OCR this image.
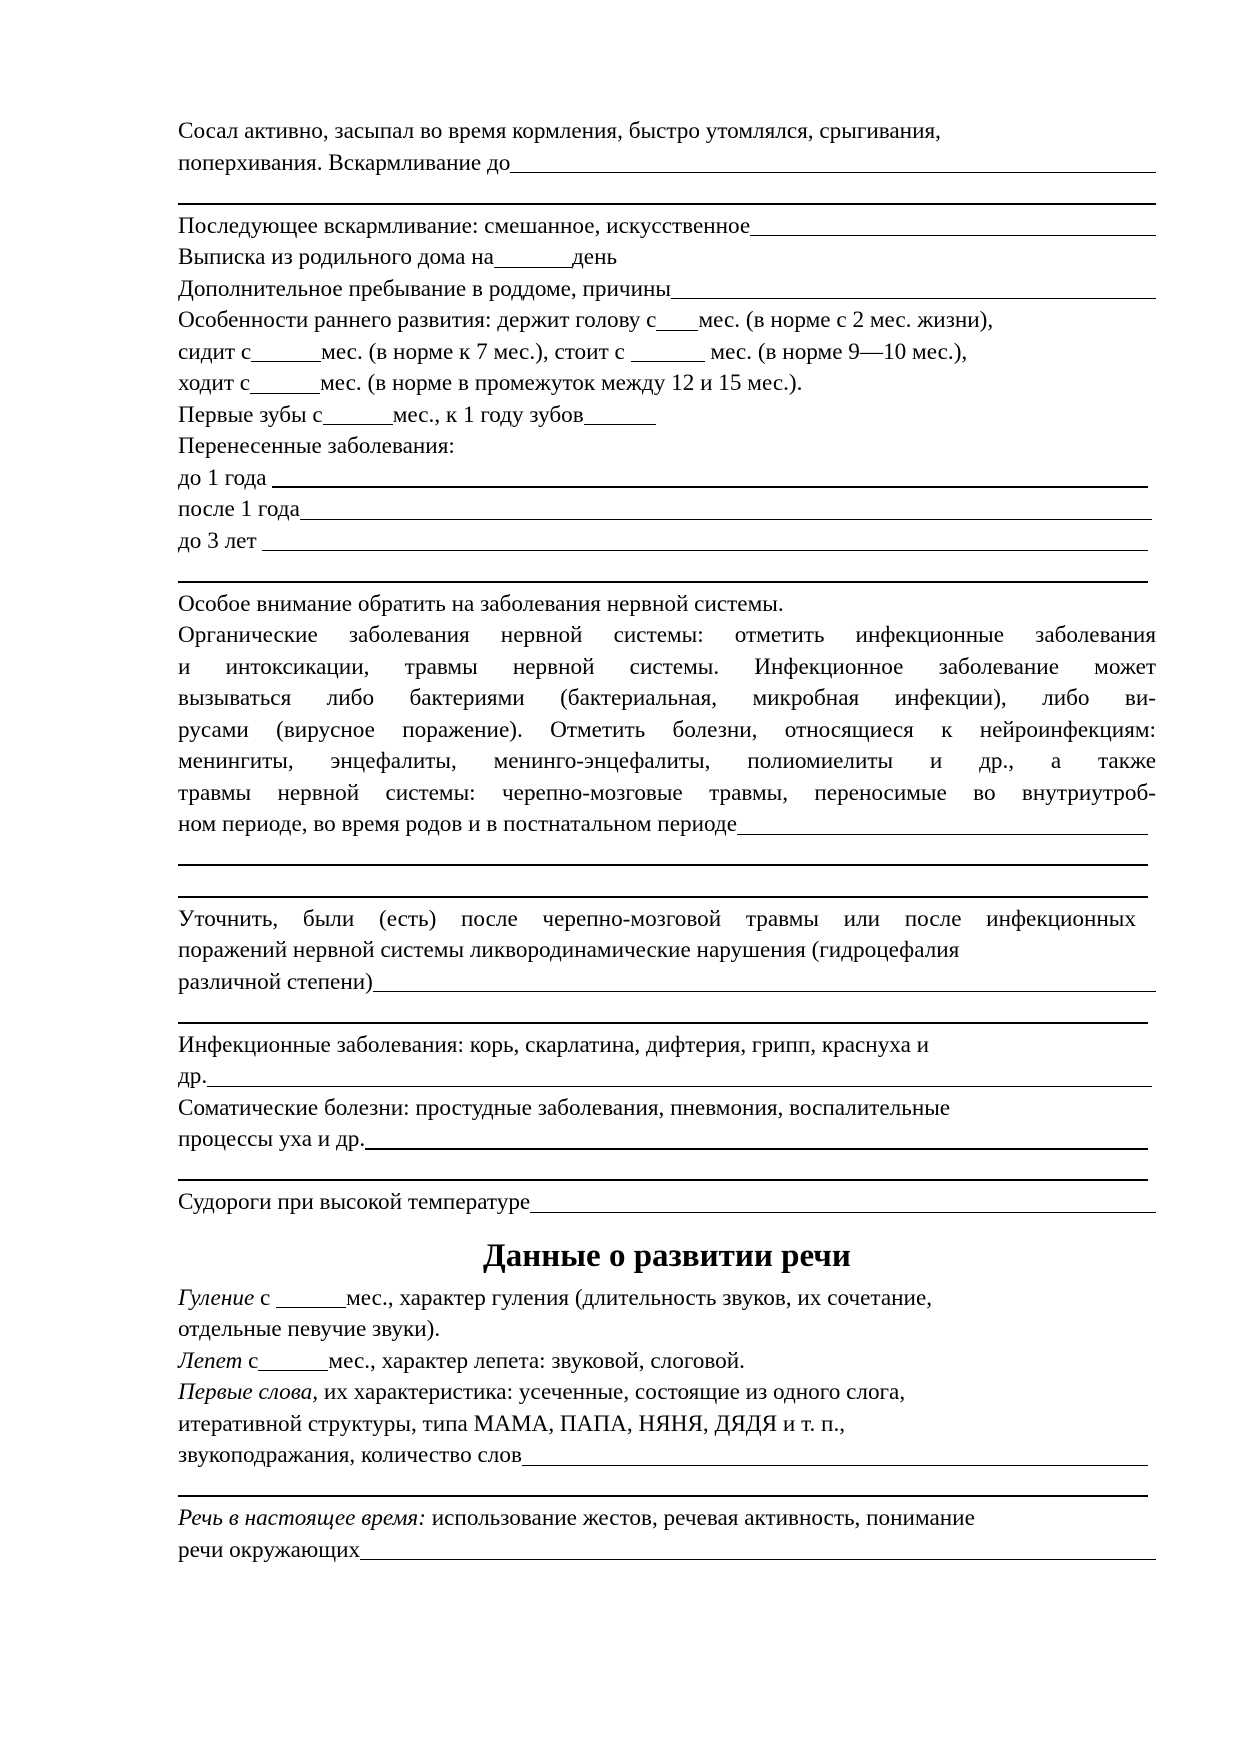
Сосал активно, засыпал во время кормления, быстро утомлялся, срыгивания,
поперхивания. Вскармливание до
Последующее вскармливание: смешанное, искусственное
Выписка из родильного дома на	день
Дополнительное пребывание в роддоме, причины
Особенности раннего развития: держит голову с мес. (в норме с 2 мес. жизни),
сидит с	мес. (в норме к 7 мес.), стоит с

	мес. (в норме 9—10 мес.),
ходит с	мес. (в норме в промежуток между 12 и 15 мес.).
Первые зубы с	мес., к 1 году зубов
Перенесенные заболевания:
до 1 года

после 1 года
до 3 лет

Особое внимание обратить на заболевания нервной системы.
Органические заболевания нервной системы: отметить инфекционные заболевания
и интоксикации, травмы нервной системы. Инфекционное заболевание может
вызываться либо бактериями (бактериальная, микробная инфекции), либо ви-
русами (вирусное поражение). Отметить болезни, относящиеся к нейроинфекциям:
менингиты, энцефалиты, менинго-энцефалиты, полиомиелиты и др., а также
травмы нервной системы: черепно-мозговые травмы, переносимые во внутриутроб-
ном периоде, во время родов и в постнатальном периоде
Уточнить, были (есть) после черепно-мозговой травмы или после инфекционных
поражений нервной системы ликвородинамические нарушения (гидроцефалия
различной степени)
Инфекционные заболевания: корь, скарлатина, дифтерия, грипп, краснуха и
др.
Соматические болезни: простудные заболевания, пневмония, воспалительные
процессы уха и др.
Судороги при высокой температуре
Данные о развитии речи
Гуление с	мес., характер гуления (длительность звуков, их сочетание,
отдельные певучие звуки).
Лепет с	мес., характер лепета: звуковой, слоговой.
Первые слова, их характеристика: усеченные, состоящие из одного слога,
итеративной структуры, типа МАМА, ПАПА, НЯНЯ, ДЯДЯ и т. п.,
звукоподражания, количество слов
Речь в настоящее время: использование жестов, речевая активность, понимание
речи окружающих
